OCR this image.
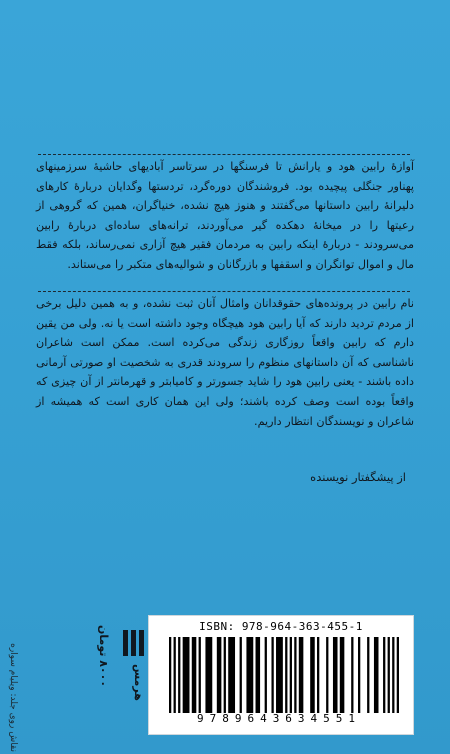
آوازهٔ رابین هود و یارانش تا فرسنگها در سرتاسر آبادیهای حاشیهٔ سرزمینهای پهناور جنگلی پیچیده بود. فروشندگان دوره‌گرد، تردستها وگدایان دربارهٔ کارهای دلیرانهٔ رابین داستانها می‌گفتند و هنوز هیچ نشده، خنیاگران، همین که گروهی از رعیتها را در میخانهٔ دهکده گیر می‌آوردند، ترانه‌های ساده‌ای دربارهٔ رابین می‌سرودند - دربارهٔ اینکه رابین به مردمان فقیر هیچ آزاری نمی‌رساند، بلکه فقط مال و اموال توانگران و اسقفها و بازرگانان و شوالیه‌های متکبر را می‌ستاند.

نام رابین در پرونده‌های حقوقدانان وامثال آنان ثبت نشده، و به همین دلیل برخی از مردم تردید دارند که آیا رابین هود هیچگاه وجود داشته است یا نه. ولی من یقین دارم که رابین واقعاً روزگاری زندگی می‌کرده است. ممکن است شاعران ناشناسی که آن داستانهای منظوم را سرودند قدری به شخصیت او صورتی آرمانی داده باشند - یعنی رابین هود را شاید جسورتر و کامیابتر و قهرمانتر از آن چیزی که واقعاً بوده است وصف کرده باشند؛ ولی این همان کاری است که همیشه از شاعران و نویسندگان انتظار داریم.

از پیشگفتار نویسنده
نقاش روی جلد: ویلیام سواره
۸۰۰۰ تومان	هرمس
ISBN: 978-964-363-455-1
9789643634551
